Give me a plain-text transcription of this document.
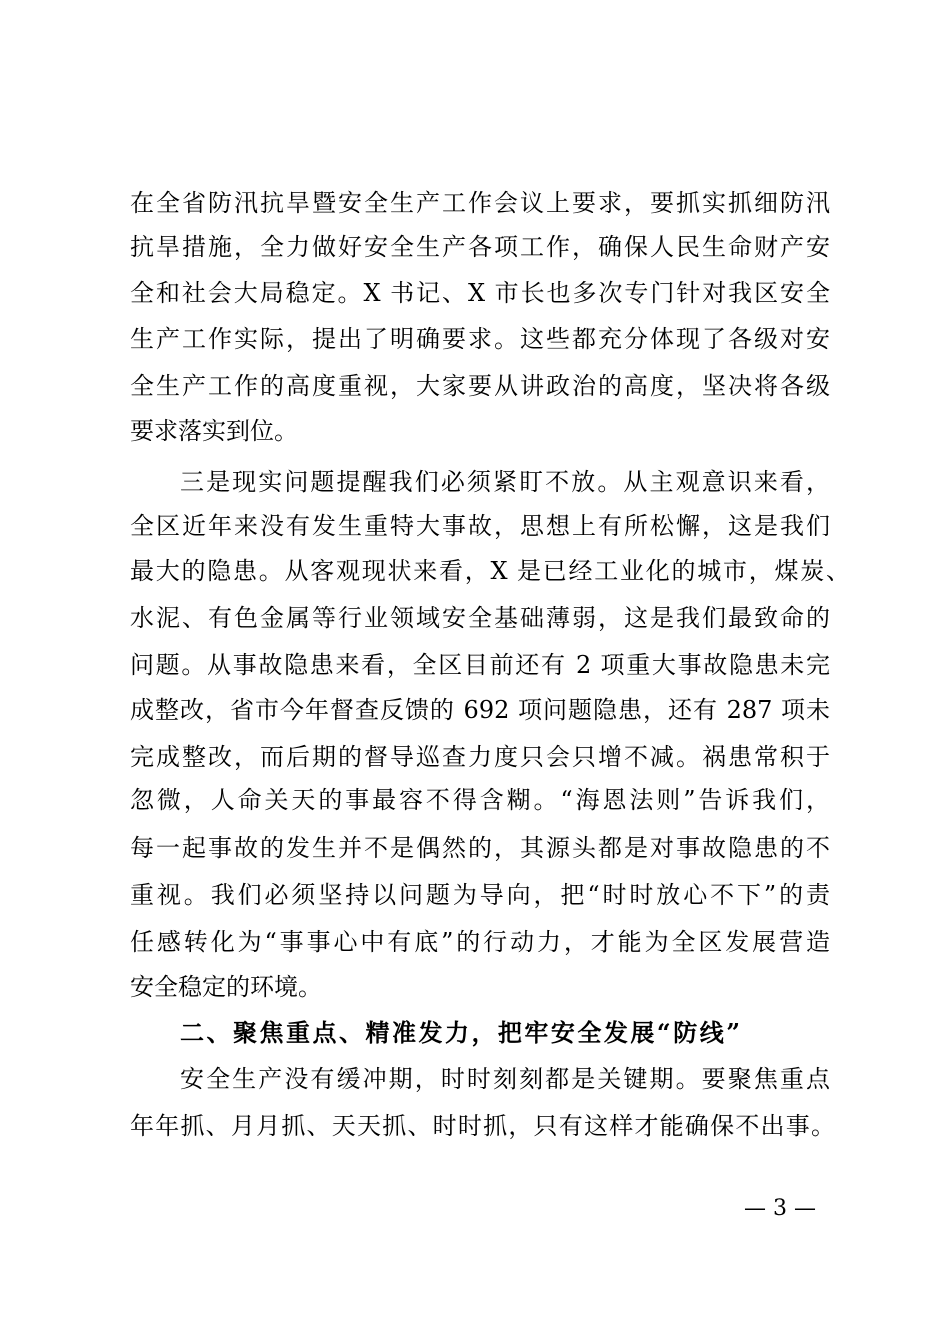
在全省防汛抗旱暨安全生产工作会议上要求，要抓实抓细防汛
抗旱措施，全力做好安全生产各项工作，确保人民生命财产安
全和社会大局稳定。X 书记、X 市长也多次专门针对我区安全
生产工作实际，提出了明确要求。这些都充分体现了各级对安
全生产工作的高度重视，大家要从讲政治的高度，坚决将各级
要求落实到位。
三是现实问题提醒我们必须紧盯不放。从主观意识来看，
全区近年来没有发生重特大事故，思想上有所松懈，这是我们
最大的隐患。从客观现状来看，X 是已经工业化的城市，煤炭、
水泥、有色金属等行业领域安全基础薄弱，这是我们最致命的
问题。从事故隐患来看，全区目前还有 2 项重大事故隐患未完
成整改，省市今年督查反馈的 692 项问题隐患，还有 287 项未
完成整改，而后期的督导巡查力度只会只增不减。祸患常积于
忽微，人命关天的事最容不得含糊。“海恩法则”告诉我们，
每一起事故的发生并不是偶然的，其源头都是对事故隐患的不
重视。我们必须坚持以问题为导向，把“时时放心不下”的责
任感转化为“事事心中有底”的行动力，才能为全区发展营造
安全稳定的环境。
二、聚焦重点、精准发力，把牢安全发展“防线”
安全生产没有缓冲期，时时刻刻都是关键期。要聚焦重点
年年抓、月月抓、天天抓、时时抓，只有这样才能确保不出事。
— 3 —
